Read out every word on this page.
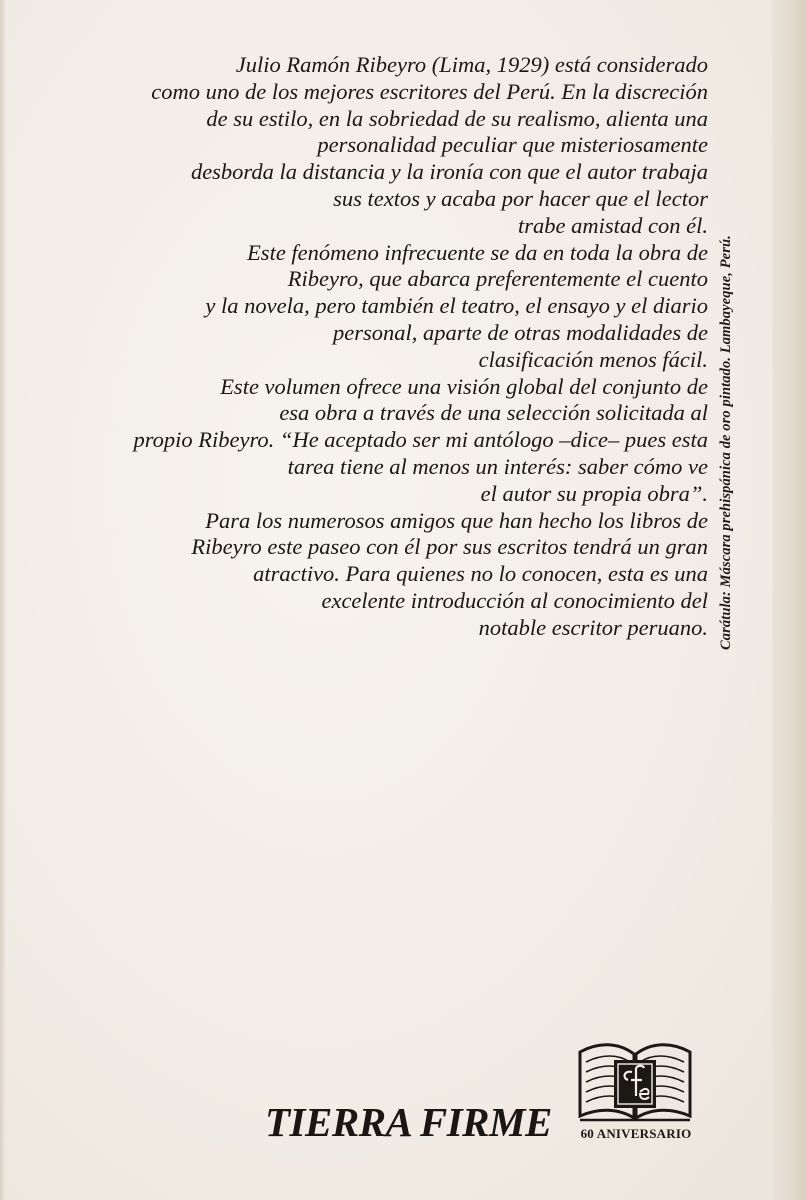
Julio Ramón Ribeyro (Lima, 1929) está considerado
como uno de los mejores escritores del Perú. En la discreción
de su estilo, en la sobriedad de su realismo, alienta una
personalidad peculiar que misteriosamente
desborda la distancia y la ironía con que el autor trabaja
sus textos y acaba por hacer que el lector
trabe amistad con él.
Este fenómeno infrecuente se da en toda la obra de
Ribeyro, que abarca preferentemente el cuento
y la novela, pero también el teatro, el ensayo y el diario
personal, aparte de otras modalidades de
clasificación menos fácil.
Este volumen ofrece una visión global del conjunto de
esa obra a través de una selección solicitada al
propio Ribeyro. “He aceptado ser mi antólogo –dice– pues esta
tarea tiene al menos un interés: saber cómo ve
el autor su propia obra”.
Para los numerosos amigos que han hecho los libros de
Ribeyro este paseo con él por sus escritos tendrá un gran
atractivo. Para quienes no lo conocen, esta es una
excelente introducción al conocimiento del
notable escritor peruano. Carátula: Máscara prehispánica de oro pintado. Lambayeque, Perú.
TIERRA FIRME 60 ANIVERSARIO
